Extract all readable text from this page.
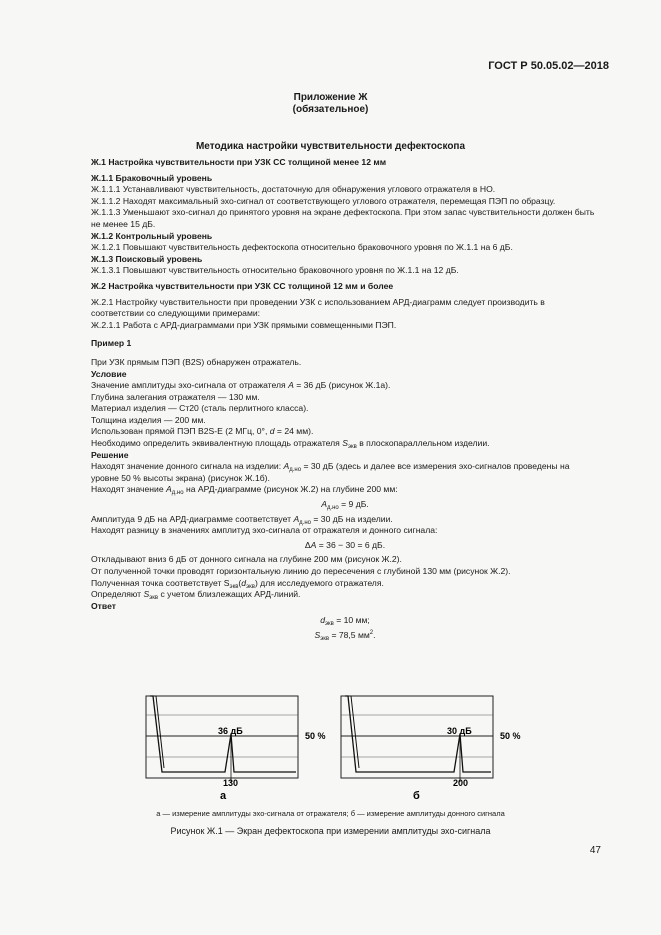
ГОСТ Р 50.05.02—2018
Приложение Ж
(обязательное)
Методика настройки чувствительности дефектоскопа

Ж.1 Настройка чувствительности при УЗК СС толщиной менее 12 мм

Ж.1.1 Браковочный уровень

Ж.1.1.1 Устанавливают чувствительность, достаточную для обнаружения углового отражателя в НО.

Ж.1.1.2 Находят максимальный эхо-сигнал от соответствующего углового отражателя, перемещая ПЭП по образцу.

Ж.1.1.3 Уменьшают эхо-сигнал до принятого уровня на экране дефектоскопа. При этом запас чувствительности должен быть не менее 15 дБ.

Ж.1.2 Контрольный уровень

Ж.1.2.1 Повышают чувствительность дефектоскопа относительно браковочного уровня по Ж.1.1 на 6 дБ.

Ж.1.3 Поисковый уровень

Ж.1.3.1 Повышают чувствительность относительно браковочного уровня по Ж.1.1 на 12 дБ.

Ж.2 Настройка чувствительности при УЗК СС толщиной 12 мм и более

Ж.2.1 Настройку чувствительности при проведении УЗК с использованием АРД-диаграмм следует производить в соответствии со следующими примерами:

Ж.2.1.1 Работа с АРД-диаграммами при УЗК прямыми совмещенными ПЭП.

Пример 1

При УЗК прямым ПЭП (B2S) обнаружен отражатель.

Условие

Значение амплитуды эхо-сигнала от отражателя A = 36 дБ (рисунок Ж.1а).

Глубина залегания отражателя — 130 мм.

Материал изделия — Ст20 (сталь перлитного класса).

Толщина изделия — 200 мм.

Использован прямой ПЭП B2S-E (2 МГц, 0°, d = 24 мм).

Необходимо определить эквивалентную площадь отражателя $S_{экв}$ в плоскопараллельном изделии.

Решение

Находят значение донного сигнала на изделии: $A_{д.но} = 30$ дБ (здесь и далее все измерения эхо-сигналов проведены на уровне 50 % высоты экрана) (рисунок Ж.1б).

Находят значение $A_{д.но}$ на АРД-диаграмме (рисунок Ж.2) на глубине 200 мм:

$A_{д.но} = 9$ дБ.

Амплитуда 9 дБ на АРД-диаграмме соответствует $A_{д.но} = 30$ дБ на изделии.

Находят разницу в значениях амплитуд эхо-сигнала от отражателя и донного сигнала:

ΔA = 36 − 30 = 6 дБ.

Откладывают вниз 6 дБ от донного сигнала на глубине 200 мм (рисунок Ж.2).

От полученной точки проводят горизонтальную линию до пересечения с глубиной 130 мм (рисунок Ж.2).

Полученная точка соответствует $S_{экв}(d_{экв})$ для исследуемого отражателя.

Определяют $S_{экв}$ с учетом близлежащих АРД-линий.

Ответ

$d_{экв} = 10$ мм;

$S_{экв} = 78,5$ $мм^2$.

36 дБ	50 %
130
а
30 дБ	50 %
200
б
а — измерение амплитуды эхо-сигнала от отражателя; б — измерение амплитуды донного сигнала
Рисунок Ж.1 — Экран дефектоскопа при измерении амплитуды эхо-сигнала
47
